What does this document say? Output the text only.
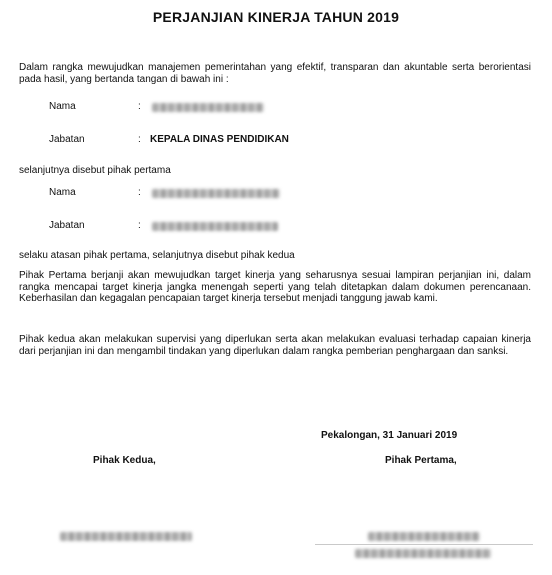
PERJANJIAN KINERJA TAHUN 2019
Dalam rangka mewujudkan manajemen pemerintahan yang efektif, transparan dan akuntable serta berorientasi pada hasil, yang bertanda tangan di bawah ini :
Nama	:
Jabatan	: KEPALA DINAS PENDIDIKAN
selanjutnya disebut pihak pertama
Nama	:
Jabatan	:
selaku atasan pihak pertama, selanjutnya disebut pihak kedua
Pihak Pertama berjanji akan mewujudkan target kinerja yang seharusnya sesuai lampiran perjanjian ini, dalam rangka mencapai target kinerja jangka menengah seperti yang telah ditetapkan dalam dokumen perencanaan. Keberhasilan dan kegagalan pencapaian target kinerja tersebut menjadi tanggung jawab kami.
Pihak kedua akan melakukan supervisi yang diperlukan serta akan melakukan evaluasi terhadap capaian kinerja dari perjanjian ini dan mengambil tindakan yang diperlukan dalam rangka pemberian penghargaan dan sanksi.
Pekalongan, 31 Januari 2019
Pihak Kedua,	Pihak Pertama,
